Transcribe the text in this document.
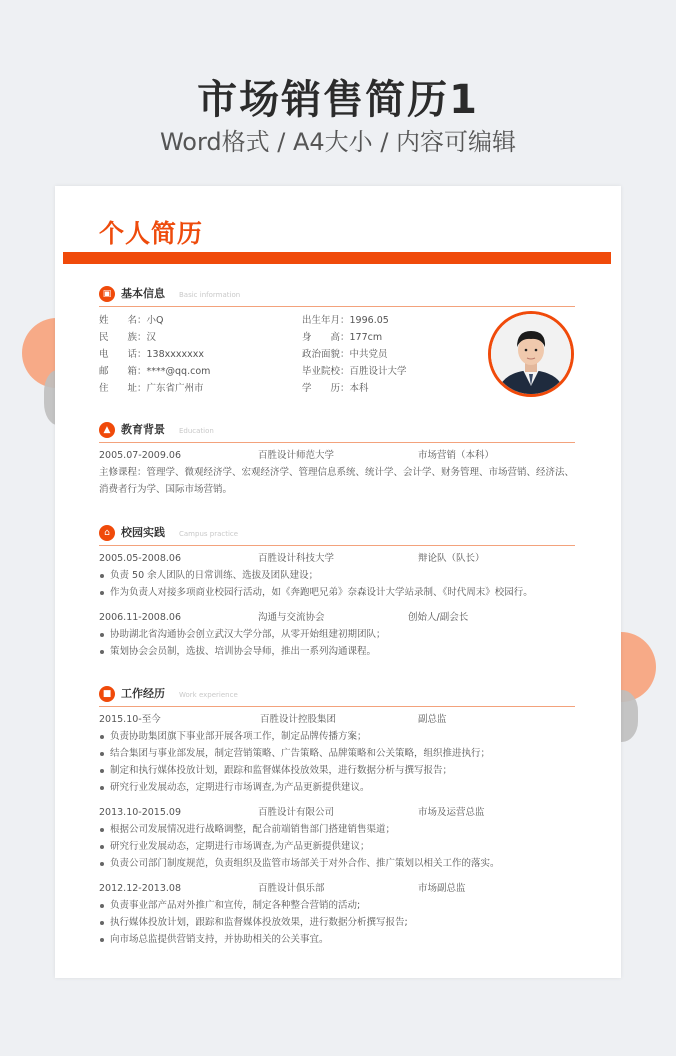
市场销售简历1
Word格式 / A4大小 / 内容可编辑
个人简历
▣ 基本信息 Basic information
姓　　名：小Q
民　　族：汉
电　　话：138xxxxxxx
邮　　箱：****@qq.com
住　　址：广东省广州市
出生年月：1996.05
身　　高：177cm
政治面貌：中共党员
毕业院校：百胜设计大学
学　　历：本科
▲ 教育背景 Education
2005.07-2009.06	百胜设计师范大学	市场营销（本科）
主修课程：管理学、微观经济学、宏观经济学、管理信息系统、统计学、会计学、财务管理、市场营销、经济法、
消费者行为学、国际市场营销。
⌂	校园实践 Campus practice
2005.05-2008.06	百胜设计科技大学	辩论队（队长）
负责 50 余人团队的日常训练、选拔及团队建设；
作为负责人对接多项商业校园行活动，如《奔跑吧兄弟》奈森设计大学站录制、《时代周末》校园行。
2006.11-2008.06	沟通与交流协会	创始人/副会长
协助湖北省沟通协会创立武汉大学分部，从零开始组建初期团队；
策划协会会员制，选拔、培训协会导师，推出一系列沟通课程。
■ 工作经历 Work experience
2015.10-至今	百胜设计控股集团	副总监
负责协助集团旗下事业部开展各项工作，制定品牌传播方案；
结合集团与事业部发展，制定营销策略、广告策略、品牌策略和公关策略，组织推进执行；
制定和执行媒体投放计划，跟踪和监督媒体投放效果，进行数据分析与撰写报告；
研究行业发展动态，定期进行市场调查,为产品更新提供建议。
2013.10-2015.09	百胜设计有限公司	市场及运营总监
根据公司发展情况进行战略调整，配合前端销售部门搭建销售渠道；
研究行业发展动态，定期进行市场调查,为产品更新提供建议；
负责公司部门制度规范，负责组织及监管市场部关于对外合作、推广策划以相关工作的落实。
2012.12-2013.08	百胜设计俱乐部	市场副总监
负责事业部产品对外推广和宣传，制定各种整合营销的活动;
执行媒体投放计划，跟踪和监督媒体投放效果，进行数据分析撰写报告;
向市场总监提供营销支持，并协助相关的公关事宜。
